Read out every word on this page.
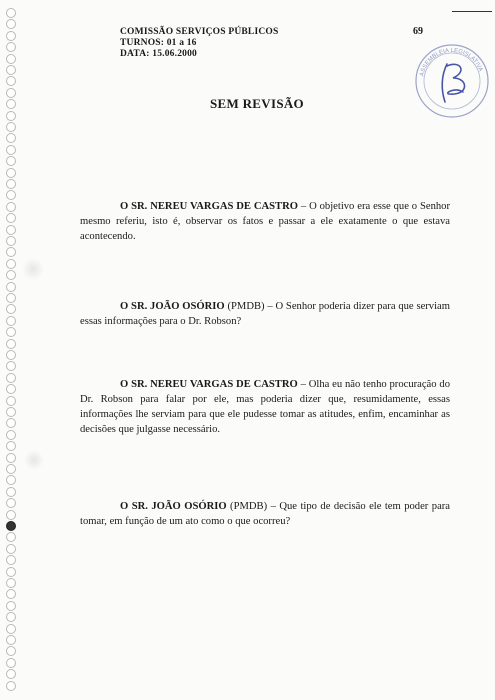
COMISSÃO SERVIÇOS PÚBLICOS
TURNOS: 01 a 16
DATA: 15.06.2000
69
ASSEMBLEIA LEGISLATIVA
SEM REVISÃO

O SR. NEREU VARGAS DE CASTRO – O objetivo era esse que o Senhor mesmo referiu, isto é, observar os fatos e passar a ele exatamente o que estava acontecendo.

O SR. JOÃO OSÓRIO (PMDB) – O Senhor poderia dizer para que serviam essas informações para o Dr. Robson?

O SR. NEREU VARGAS DE CASTRO – Olha eu não tenho procuração do Dr. Robson para falar por ele, mas poderia dizer que, resumidamente, essas informações lhe serviam para que ele pudesse tomar as atitudes, enfim, encaminhar as decisões que julgasse necessário.

O SR. JOÃO OSÓRIO (PMDB) – Que tipo de decisão ele tem poder para tomar, em função de um ato como o que ocorreu?
